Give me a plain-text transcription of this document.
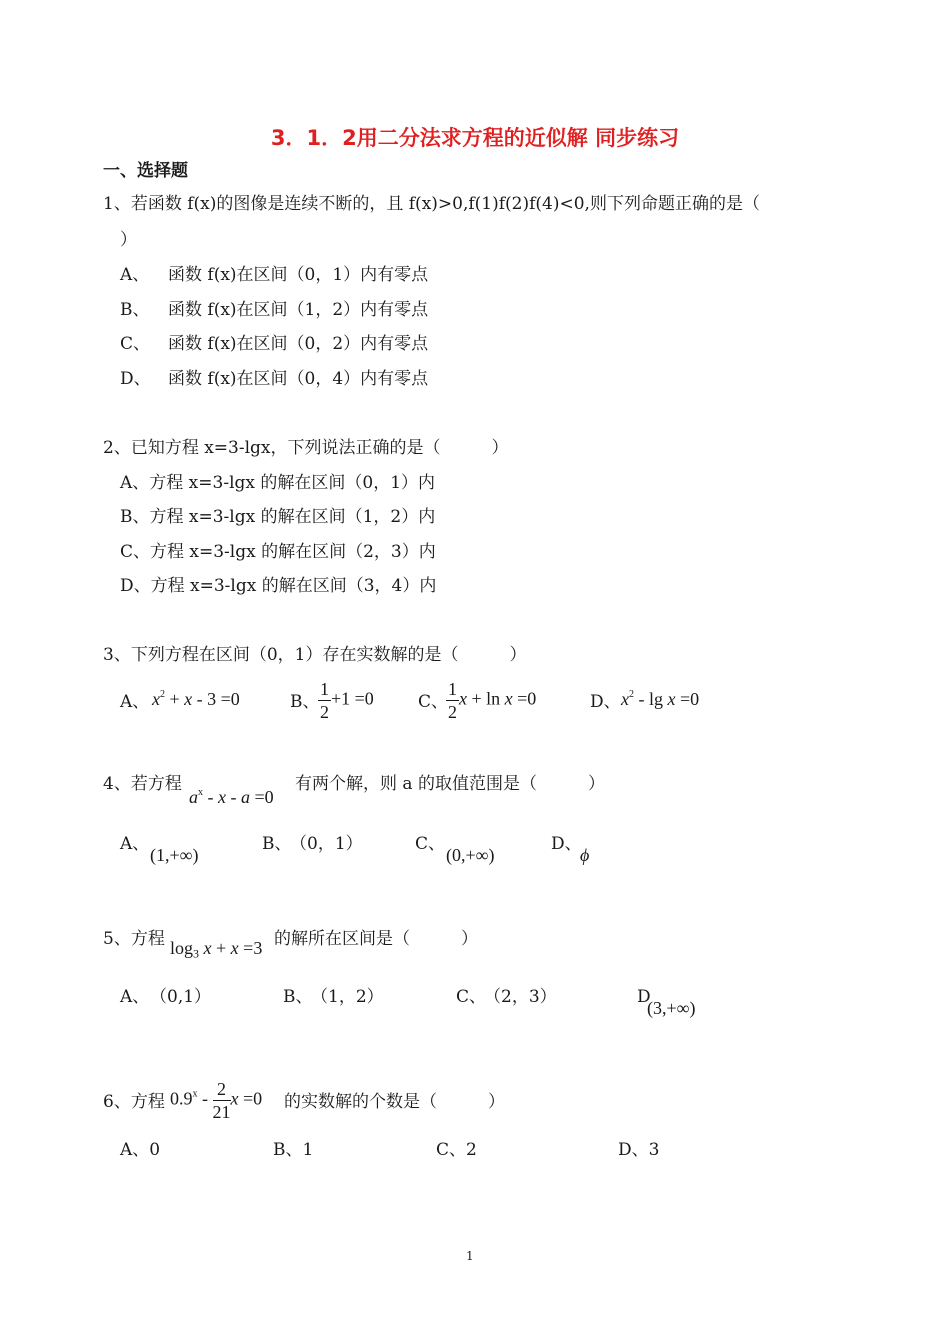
3．1．2用二分法求方程的近似解 同步练习
一、选择题
1、若函数 f(x)的图像是连续不断的，且 f(x)>0,f(1)f(2)f(4)<0,则下列命题正确的是（
）
A、 函数 f(x)在区间（0，1）内有零点
B、 函数 f(x)在区间（1，2）内有零点
C、 函数 f(x)在区间（0，2）内有零点
D、 函数 f(x)在区间（0，4）内有零点
2、已知方程 x=3-lgx，下列说法正确的是（　　　）
A、方程 x=3-lgx 的解在区间（0，1）内
B、方程 x=3-lgx 的解在区间（1，2）内
C、方程 x=3-lgx 的解在区间（2，3）内
D、方程 x=3-lgx 的解在区间（3，4）内
3、下列方程在区间（0，1）存在实数解的是（　　　）
A、 $x^2 + x - 3 =0$	B、
$\frac{1}{2} +1 =0$	C、
$\frac{1}{2}$ x + ln x =0	D、 $x^2 - \lg x =0$
4、若方程
$a^x - x - a =0$
有两个解，则 a 的取值范围是（　　　）
A、
(1,+∞)
B、
（0，1）	C、
(0,+∞)
D、
ϕ
5、方程 $\log_3 x + x =3$ 的解所在区间是（　　　）
A、 （0,1）	B、
（1，2）	C、
（2，3）	D
(3,+∞)
6、方程 $0.9^x - \frac{2}{21}$ x =0 的实数解的个数是（　　　）
A、0	B、1	C、2	D、3
1
